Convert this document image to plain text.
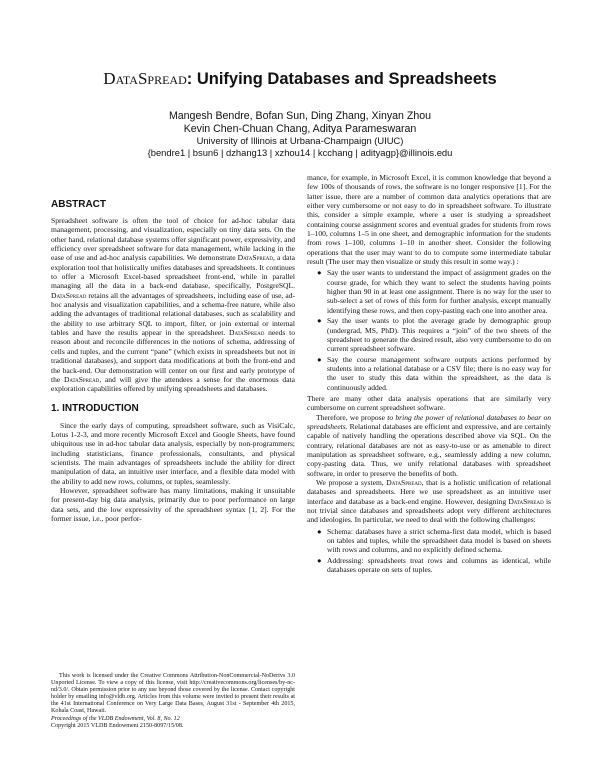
DataSpread: Unifying Databases and Spreadsheets
Mangesh Bendre, Bofan Sun, Ding Zhang, Xinyan Zhou
Kevin Chen-Chuan Chang, Aditya Parameswaran
University of Illinois at Urbana-Champaign (UIUC)
{bendre1 | bsun6 | dzhang13 | xzhou14 | kcchang | adityagp}@illinois.edu
ABSTRACT

Spreadsheet software is often the tool of choice for ad-hoc tabular data management, processing, and visualization, especially on tiny data sets. On the other hand, relational database systems offer significant power, expressivity, and efficiency over spreadsheet software for data management, while lacking in the ease of use and ad-hoc analysis capabilities. We demonstrate DataSpread, a data exploration tool that holistically unifies databases and spreadsheets. It continues to offer a Microsoft Excel-based spreadsheet front-end, while in parallel managing all the data in a back-end database, specifically, PostgreSQL. DataSpread retains all the advantages of spreadsheets, including ease of use, ad-hoc analysis and visualization capabilities, and a schema-free nature, while also adding the advantages of traditional relational databases, such as scalability and the ability to use arbitrary SQL to import, filter, or join external or internal tables and have the results appear in the spreadsheet. DataSpread needs to reason about and reconcile differences in the notions of schema, addressing of cells and tuples, and the current “pane” (which exists in spreadsheets but not in traditional databases), and support data modifications at both the front-end and the back-end. Our demonstration will center on our first and early prototype of the DataSpread, and will give the attendees a sense for the enormous data exploration capabilities offered by unifying spreadsheets and databases.

1. INTRODUCTION

Since the early days of computing, spreadsheet software, such as VisiCalc, Lotus 1-2-3, and more recently Microsoft Excel and Google Sheets, have found ubiquitous use in ad-hoc tabular data analysis, especially by non-programmers; including statisticians, finance professionals, consultants, and physical scientists. The main advantages of spreadsheets include the ability for direct manipulation of data, an intuitive user interface, and a flexible data model with the ability to add new rows, columns, or tuples, seamlessly.

However, spreadsheet software has many limitations, making it unsuitable for present-day big data analysis, primarily due to poor performance on large data sets, and the low expressivity of the spreadsheet syntax [1, 2]. For the former issue, i.e., poor perfor-

This work is licensed under the Creative Commons Attribution-NonCommercial-NoDerivs 3.0 Unported License. To view a copy of this license, visit http://creativecommons.org/licenses/by-nc-nd/3.0/. Obtain permission prior to any use beyond those covered by the license. Contact copyright holder by emailing info@vldb.org. Articles from this volume were invited to present their results at the 41st International Conference on Very Large Data Bases, August 31st - September 4th 2015, Kohala Coast, Hawaii.

Proceedings of the VLDB Endowment, Vol. 8, No. 12

Copyright 2015 VLDB Endowment 2150-8097/15/08.

mance, for example, in Microsoft Excel, it is common knowledge that beyond a few 100s of thousands of rows, the software is no longer responsive [1]. For the latter issue, there are a number of common data analytics operations that are either very cumbersome or not easy to do in spreadsheet software. To illustrate this, consider a simple example, where a user is studying a spreadsheet containing course assignment scores and eventual grades for students from rows 1–100, columns 1–5 in one sheet, and demographic information for the students from rows 1–100, columns 1–10 in another sheet. Consider the following operations that the user may want to do to compute some intermediate tabular result (The user may then visualize or study this result in some way.) :

● Say the user wants to understand the impact of assignment grades on the course grade, for which they want to select the students having points higher than 90 in at least one assignment. There is no way for the user to sub-select a set of rows of this form for further analysis, except manually identifying these rows, and then copy-pasting each one into another area.
● Say the user wants to plot the average grade by demographic group (undergrad, MS, PhD). This requires a “join” of the two sheets of the spreadsheet to generate the desired result, also very cumbersome to do on current spreadsheet software.
● Say the course management software outputs actions performed by students into a relational database or a CSV file; there is no easy way for the user to study this data within the spreadsheet, as the data is continuously added.

There are many other data analysis operations that are similarly very cumbersome on current spreadsheet software.

Therefore, we propose to bring the power of relational databases to bear on spreadsheets. Relational databases are efficient and expressive, and are certainly capable of natively handling the operations described above via SQL. On the contrary, relational databases are not as easy-to-use or as amenable to direct manipulation as spreadsheet software, e.g., seamlessly adding a new column, copy-pasting data. Thus, we unify relational databases with spreadsheet software, in order to preserve the benefits of both.

We propose a system, DataSpread, that is a holistic unification of relational databases and spreadsheets. Here we use spreadsheet as an intuitive user interface and database as a back-end engine. However, designing DataSpread is not trivial since databases and spreadsheets adopt very different architectures and ideologies. In particular, we need to deal with the following challenges:

● Schema: databases have a strict schema-first data model, which is based on tables and tuples, while the spreadsheet data model is based on sheets with rows and columns, and no explicitly defined schema.
● Addressing: spreadsheets treat rows and columns as identical, while databases operate on sets of tuples.
